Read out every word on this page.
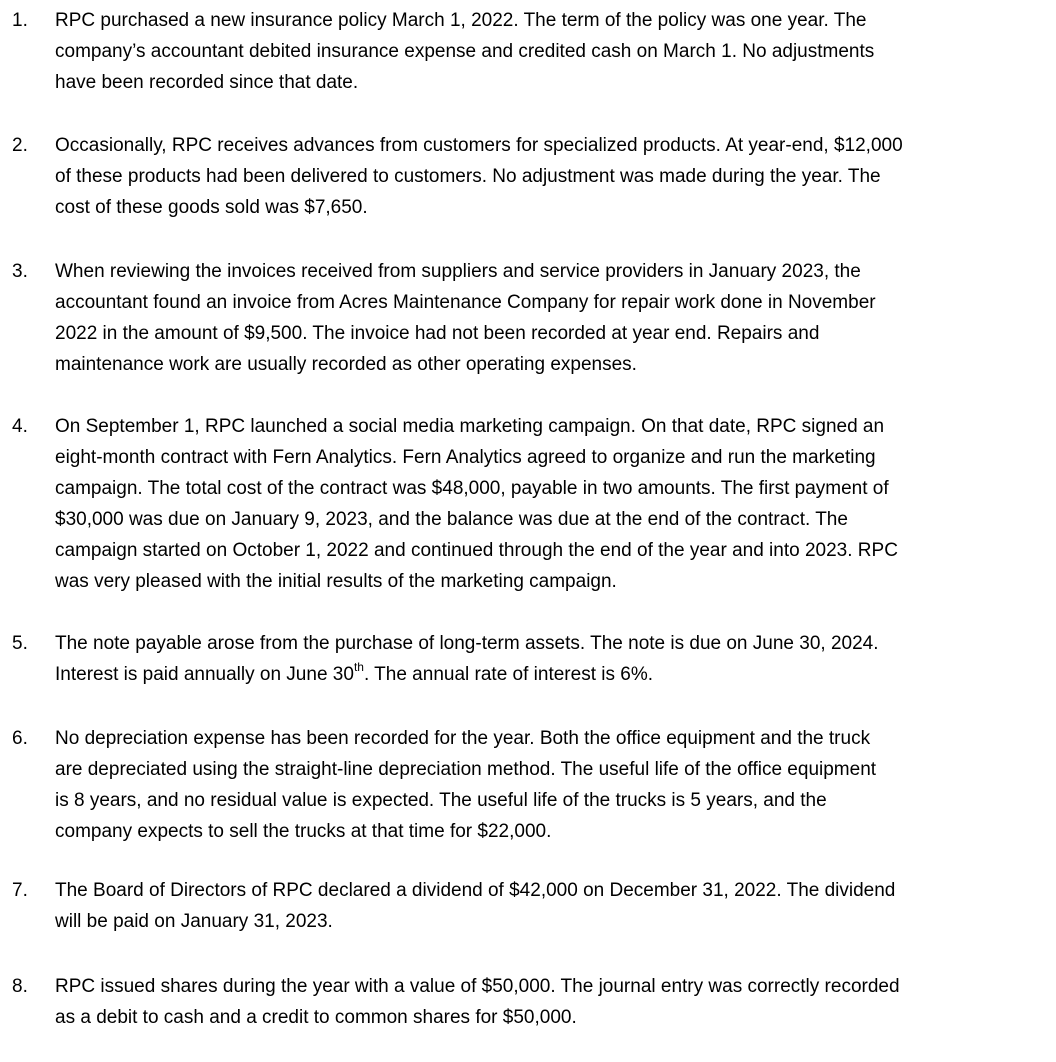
1. RPC purchased a new insurance policy March 1, 2022. The term of the policy was one year. The
company’s accountant debited insurance expense and credited cash on March 1. No adjustments
have been recorded since that date.
2. Occasionally, RPC receives advances from customers for specialized products. At year-end, $12,000
of these products had been delivered to customers. No adjustment was made during the year. The
cost of these goods sold was $7,650.
3. When reviewing the invoices received from suppliers and service providers in January 2023, the
accountant found an invoice from Acres Maintenance Company for repair work done in November
2022 in the amount of $9,500. The invoice had not been recorded at year end. Repairs and
maintenance work are usually recorded as other operating expenses.
4. On September 1, RPC launched a social media marketing campaign. On that date, RPC signed an
eight-month contract with Fern Analytics. Fern Analytics agreed to organize and run the marketing
campaign. The total cost of the contract was $48,000, payable in two amounts. The first payment of
$30,000 was due on January 9, 2023, and the balance was due at the end of the contract. The
campaign started on October 1, 2022 and continued through the end of the year and into 2023. RPC
was very pleased with the initial results of the marketing campaign.
5. The note payable arose from the purchase of long-term assets. The note is due on June 30, 2024.
Interest is paid annually on June 30th. The annual rate of interest is 6%.
6. No depreciation expense has been recorded for the year. Both the office equipment and the truck
are depreciated using the straight-line depreciation method. The useful life of the office equipment
is 8 years, and no residual value is expected. The useful life of the trucks is 5 years, and the
company expects to sell the trucks at that time for $22,000.
7. The Board of Directors of RPC declared a dividend of $42,000 on December 31, 2022. The dividend
will be paid on January 31, 2023.
8. RPC issued shares during the year with a value of $50,000. The journal entry was correctly recorded
as a debit to cash and a credit to common shares for $50,000.
